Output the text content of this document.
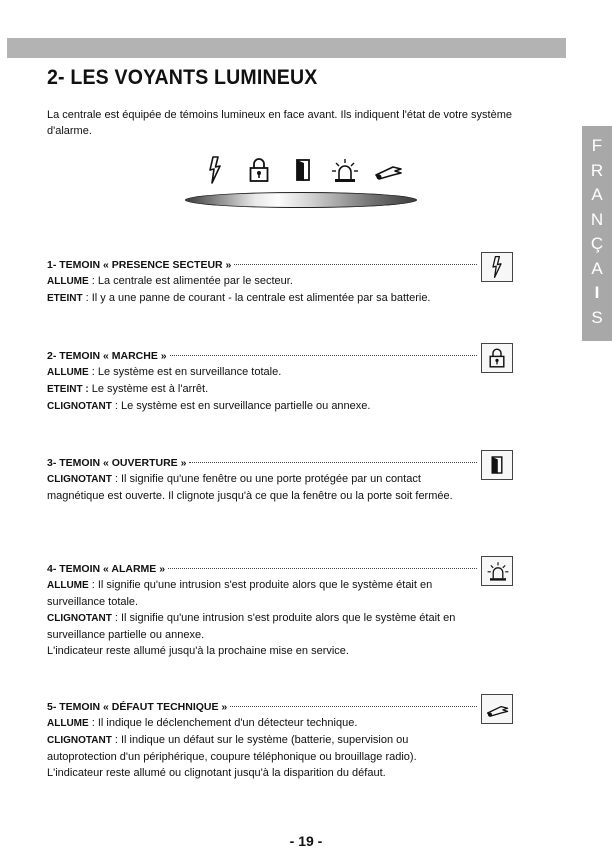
2- LES VOYANTS LUMINEUX

La centrale est équipée de témoins lumineux en face avant. Ils indiquent l'état de votre système d'alarme.

F
R
A
N
Ç
A
I
S
1- TEMOIN « PRESENCE SECTEUR »

ALLUME : La centrale est alimentée par le secteur.

ETEINT : Il y a une panne de courant - la centrale est alimentée par sa batterie.

2- TEMOIN « MARCHE »

ALLUME : Le système est en surveillance totale.

ETEINT : Le système est à l'arrêt.

CLIGNOTANT : Le système est en surveillance partielle ou annexe.

3- TEMOIN « OUVERTURE »

CLIGNOTANT : Il signifie qu'une fenêtre ou une porte protégée par un contact magnétique est ouverte. Il clignote jusqu'à ce que la fenêtre ou la porte soit fermée.

4- TEMOIN « ALARME »

ALLUME : Il signifie qu'une intrusion s'est produite alors que le système était en surveillance totale.

CLIGNOTANT : Il signifie qu'une intrusion s'est produite alors que le système était en surveillance partielle ou annexe.

L'indicateur reste allumé jusqu'à la prochaine mise en service.

5- TEMOIN « DÉFAUT TECHNIQUE »

ALLUME : Il indique le déclenchement d'un détecteur technique.

CLIGNOTANT : Il indique un défaut sur le système (batterie, supervision ou autoprotection d'un périphérique, coupure téléphonique ou brouillage radio).

L'indicateur reste allumé ou clignotant jusqu'à la disparition du défaut.

- 19 -
